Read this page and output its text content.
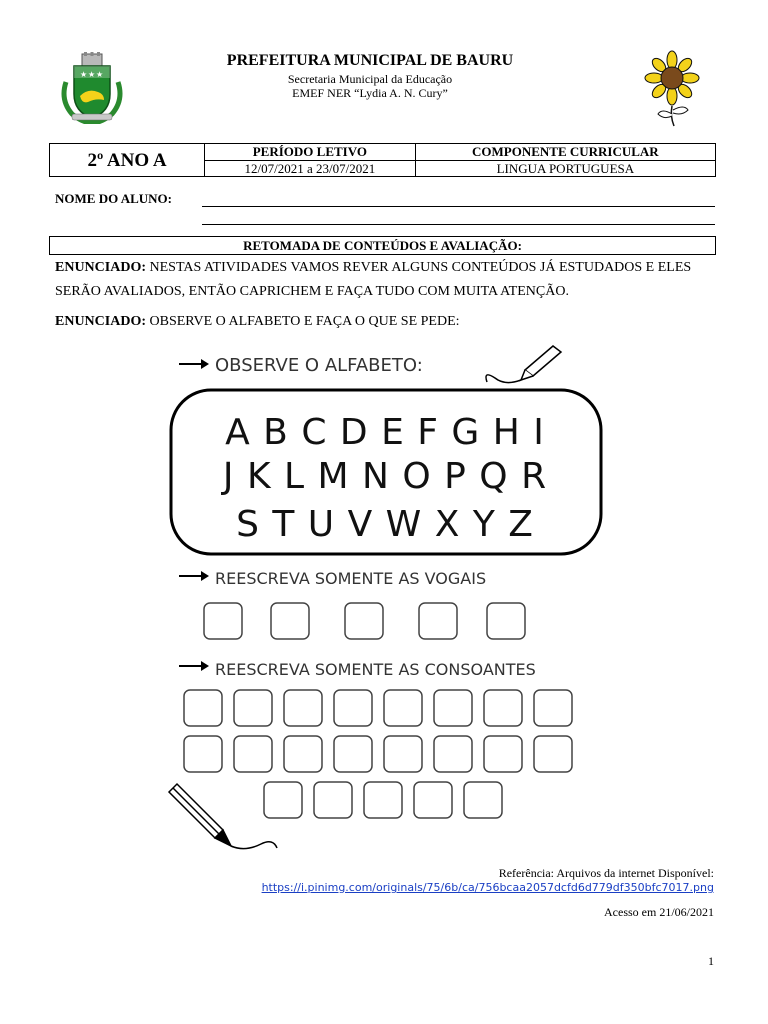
★ ★ ★
PREFEITURA MUNICIPAL DE BAURU
Secretaria Municipal da Educação
EMEF NER “Lydia A. N. Cury”
2º ANO A	PERÍODO LETIVO	COMPONENTE CURRICULAR
	12/07/2021 a 23/07/2021	LINGUA PORTUGUESA
NOME DO ALUNO:
RETOMADA DE CONTEÚDOS E AVALIAÇÃO:
ENUNCIADO: NESTAS ATIVIDADES VAMOS REVER ALGUNS CONTEÚDOS JÁ ESTUDADOS E ELES SERÃO AVALIADOS, ENTÃO CAPRICHEM E FAÇA TUDO COM MUITA ATENÇÃO.
ENUNCIADO: OBSERVE O ALFABETO E FAÇA O QUE SE PEDE:
OBSERVE O ALFABETO:
A B C D E F G H I
J K L M N O P Q R
S T U V W X Y Z
REESCREVA SOMENTE AS VOGAIS
REESCREVA SOMENTE AS CONSOANTES
Referência: Arquivos da internet Disponível:
https://i.pinimg.com/originals/75/6b/ca/756bcaa2057dcfd6d779df350bfc7017.png
Acesso em 21/06/2021
1
